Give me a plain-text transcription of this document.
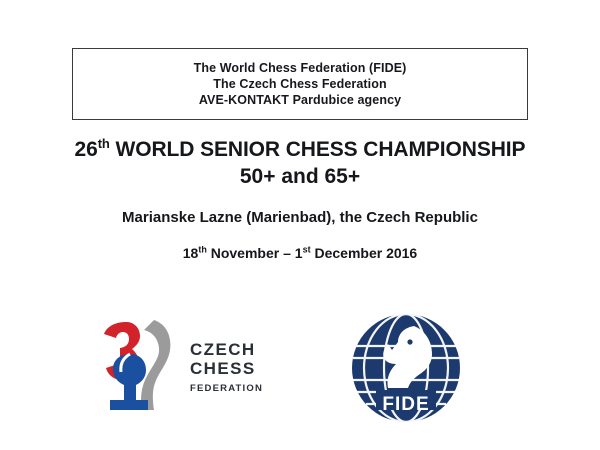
The World Chess Federation (FIDE)
The Czech Chess Federation
AVE-KONTAKT Pardubice agency
26th WORLD SENIOR CHESS CHAMPIONSHIP
50+ and 65+
Marianske Lazne (Marienbad), the Czech Republic
18th November – 1st December 2016
CZECH
CHESS
FEDERATION
FIDE
